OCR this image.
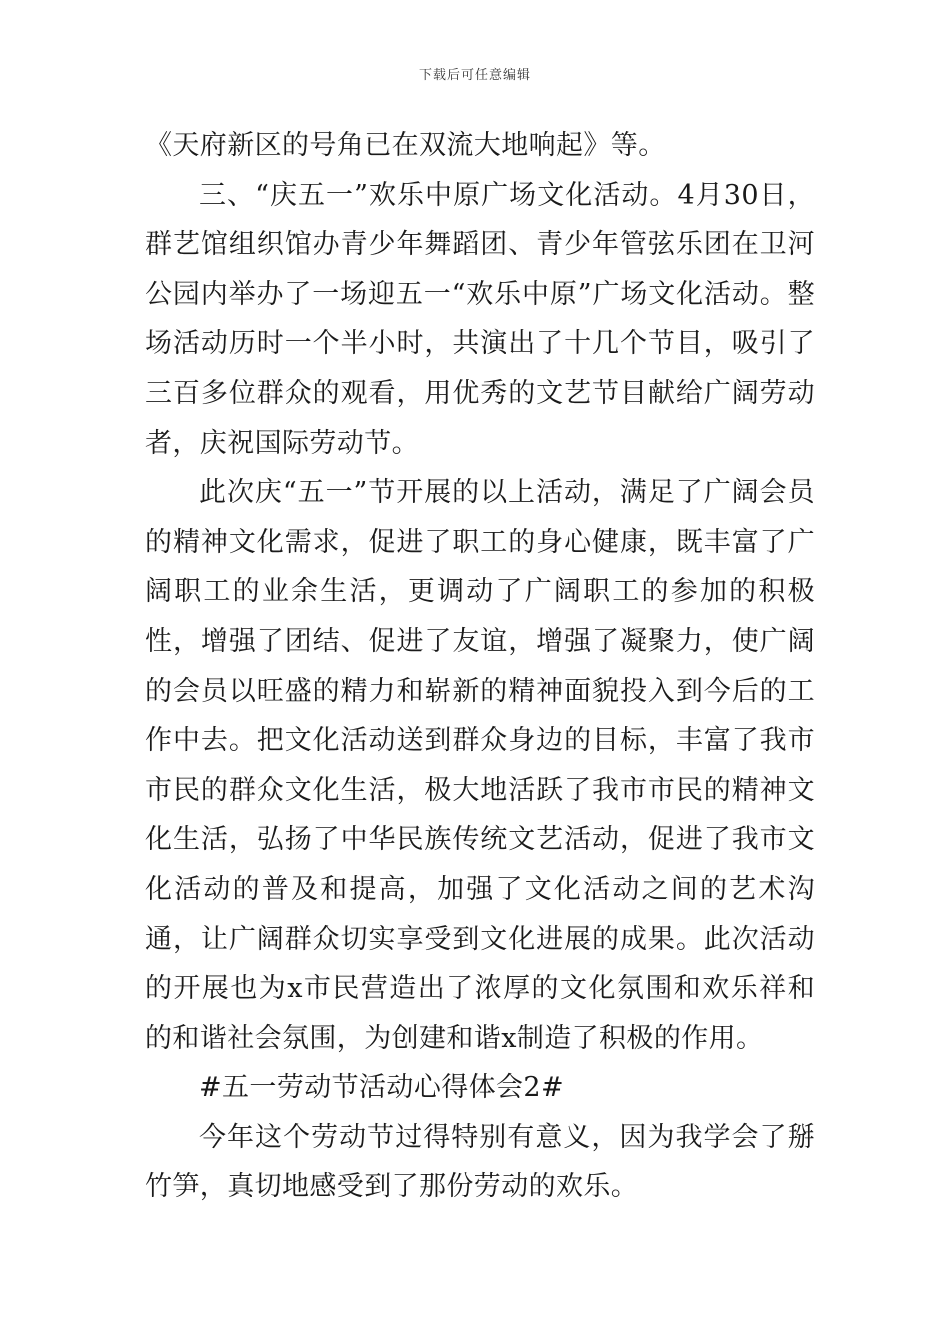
下载后可任意编辑

《天府新区的号角已在双流大地响起》等。

三、“庆五一”欢乐中原广场文化活动。4月30日，群艺馆组织馆办青少年舞蹈团、青少年管弦乐团在卫河公园内举办了一场迎五一“欢乐中原”广场文化活动。整场活动历时一个半小时，共演出了十几个节目，吸引了三百多位群众的观看，用优秀的文艺节目献给广阔劳动者，庆祝国际劳动节。

此次庆“五一”节开展的以上活动，满足了广阔会员的精神文化需求，促进了职工的身心健康，既丰富了广阔职工的业余生活，更调动了广阔职工的参加的积极性，增强了团结、促进了友谊，增强了凝聚力，使广阔的会员以旺盛的精力和崭新的精神面貌投入到今后的工作中去。把文化活动送到群众身边的目标，丰富了我市市民的群众文化生活，极大地活跃了我市市民的精神文化生活，弘扬了中华民族传统文艺活动，促进了我市文化活动的普及和提高，加强了文化活动之间的艺术沟通，让广阔群众切实享受到文化进展的成果。此次活动的开展也为x市民营造出了浓厚的文化氛围和欢乐祥和的和谐社会氛围，为创建和谐x制造了积极的作用。

#五一劳动节活动心得体会2#

今年这个劳动节过得特别有意义，因为我学会了掰竹笋，真切地感受到了那份劳动的欢乐。
